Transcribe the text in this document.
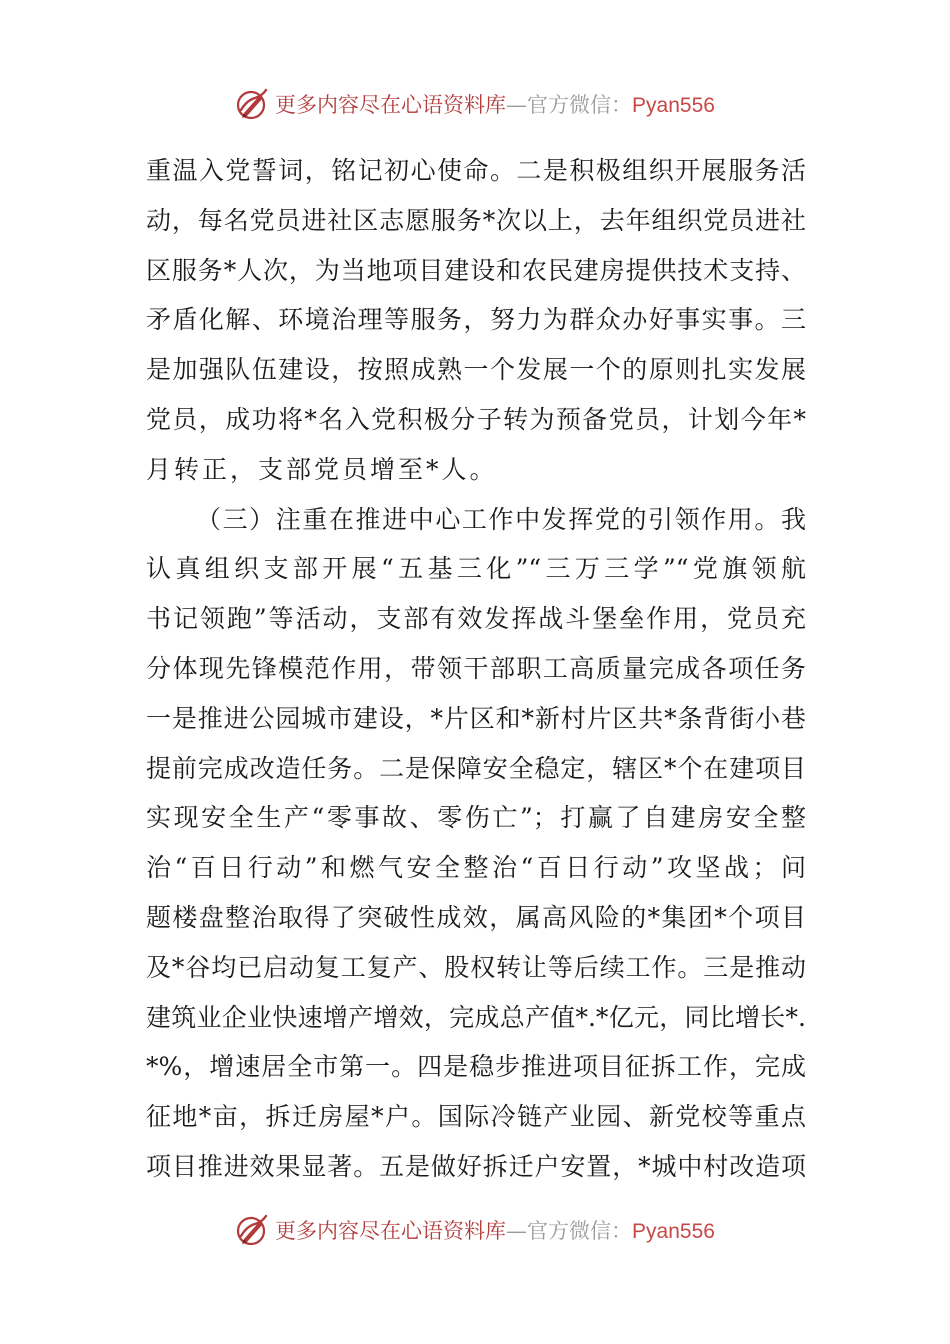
更多内容尽在心语资料库—官方微信：Pyan556
重温入党誓词，铭记初心使命。二是积极组织开展服务活
动，每名党员进社区志愿服务*次以上，去年组织党员进社
区服务*人次，为当地项目建设和农民建房提供技术支持、
矛盾化解、环境治理等服务，努力为群众办好事实事。三
是加强队伍建设，按照成熟一个发展一个的原则扎实发展
党员，成功将*名入党积极分子转为预备党员，计划今年*
月转正，支部党员增至*人。
（三）注重在推进中心工作中发挥党的引领作用。我
认真组织支部开展“五基三化”“三万三学”“党旗领航
书记领跑”等活动，支部有效发挥战斗堡垒作用，党员充
分体现先锋模范作用，带领干部职工高质量完成各项任务
一是推进公园城市建设，*片区和*新村片区共*条背街小巷
提前完成改造任务。二是保障安全稳定，辖区*个在建项目
实现安全生产“零事故、零伤亡”；打赢了自建房安全整
治“百日行动”和燃气安全整治“百日行动”攻坚战；问
题楼盘整治取得了突破性成效，属高风险的*集团*个项目
及*谷均已启动复工复产、股权转让等后续工作。三是推动
建筑业企业快速增产增效，完成总产值*.*亿元，同比增长*.
*%，增速居全市第一。四是稳步推进项目征拆工作，完成
征地*亩，拆迁房屋*户。国际冷链产业园、新党校等重点
项目推进效果显著。五是做好拆迁户安置，*城中村改造项
更多内容尽在心语资料库—官方微信：Pyan556
